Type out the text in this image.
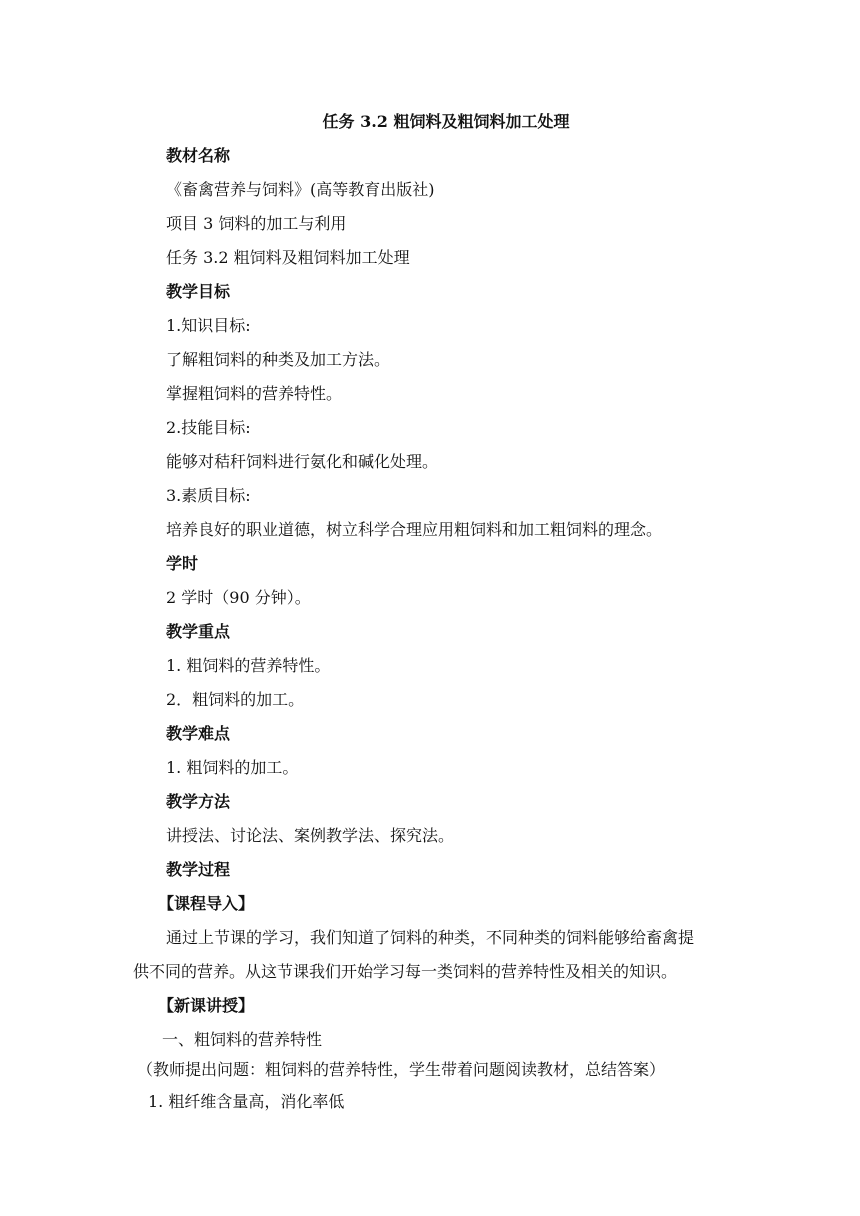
任务 3.2 粗饲料及粗饲料加工处理
教材名称
《畜禽营养与饲料》(高等教育出版社)
项目 3 饲料的加工与利用
任务 3.2 粗饲料及粗饲料加工处理
教学目标
1.知识目标:
了解粗饲料的种类及加工方法。
掌握粗饲料的营养特性。
2.技能目标:
能够对秸秆饲料进行氨化和碱化处理。
3.素质目标:
培养良好的职业道德，树立科学合理应用粗饲料和加工粗饲料的理念。
学时
2 学时（90 分钟）。
教学重点
1. 粗饲料的营养特性。
2．粗饲料的加工。
教学难点
1. 粗饲料的加工。
教学方法
讲授法、讨论法、案例教学法、探究法。
教学过程
【课程导入】
通过上节课的学习，我们知道了饲料的种类，不同种类的饲料能够给畜禽提
供不同的营养。从这节课我们开始学习每一类饲料的营养特性及相关的知识。
【新课讲授】
一、粗饲料的营养特性
（教师提出问题：粗饲料的营养特性，学生带着问题阅读教材，总结答案）
1. 粗纤维含量高，消化率低
